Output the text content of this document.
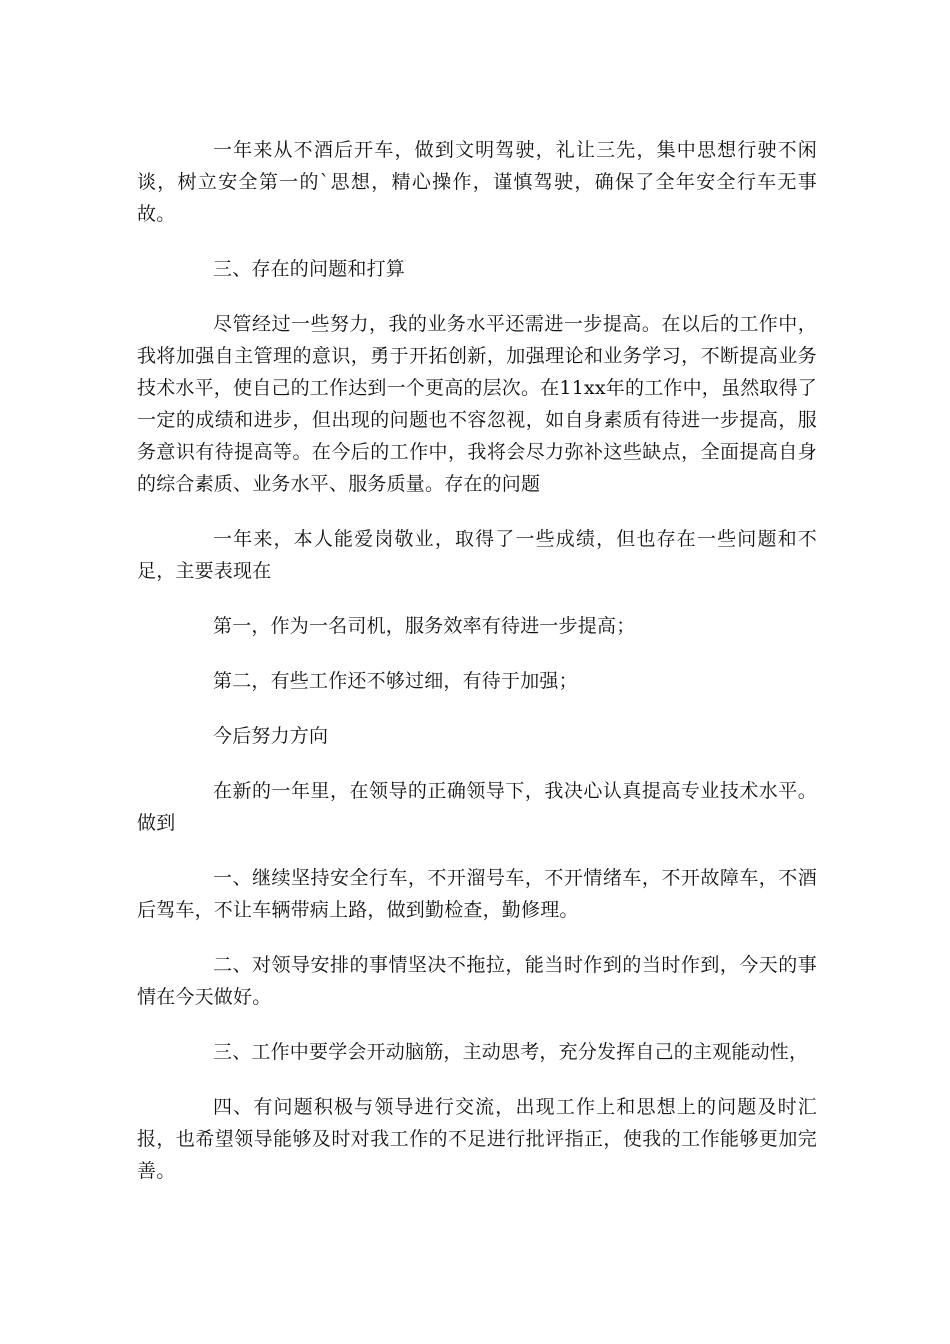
一年来从不酒后开车，做到文明驾驶，礼让三先，集中思想行驶不闲谈，树立安全第一的`思想，精心操作，谨慎驾驶，确保了全年安全行车无事故。

三、存在的问题和打算

尽管经过一些努力，我的业务水平还需进一步提高。在以后的工作中，我将加强自主管理的意识，勇于开拓创新，加强理论和业务学习，不断提高业务技术水平，使自己的工作达到一个更高的层次。在11xx年的工作中，虽然取得了一定的成绩和进步，但出现的问题也不容忽视，如自身素质有待进一步提高，服务意识有待提高等。在今后的工作中，我将会尽力弥补这些缺点，全面提高自身的综合素质、业务水平、服务质量。存在的问题

一年来，本人能爱岗敬业，取得了一些成绩，但也存在一些问题和不足，主要表现在

第一，作为一名司机，服务效率有待进一步提高；

第二，有些工作还不够过细，有待于加强；

今后努力方向

在新的一年里，在领导的正确领导下，我决心认真提高专业技术水平。做到

一、继续坚持安全行车，不开溜号车，不开情绪车，不开故障车，不酒后驾车，不让车辆带病上路，做到勤检查，勤修理。

二、对领导安排的事情坚决不拖拉，能当时作到的当时作到，今天的事情在今天做好。

三、工作中要学会开动脑筋，主动思考，充分发挥自己的主观能动性，

四、有问题积极与领导进行交流，出现工作上和思想上的问题及时汇报，也希望领导能够及时对我工作的不足进行批评指正，使我的工作能够更加完善。
